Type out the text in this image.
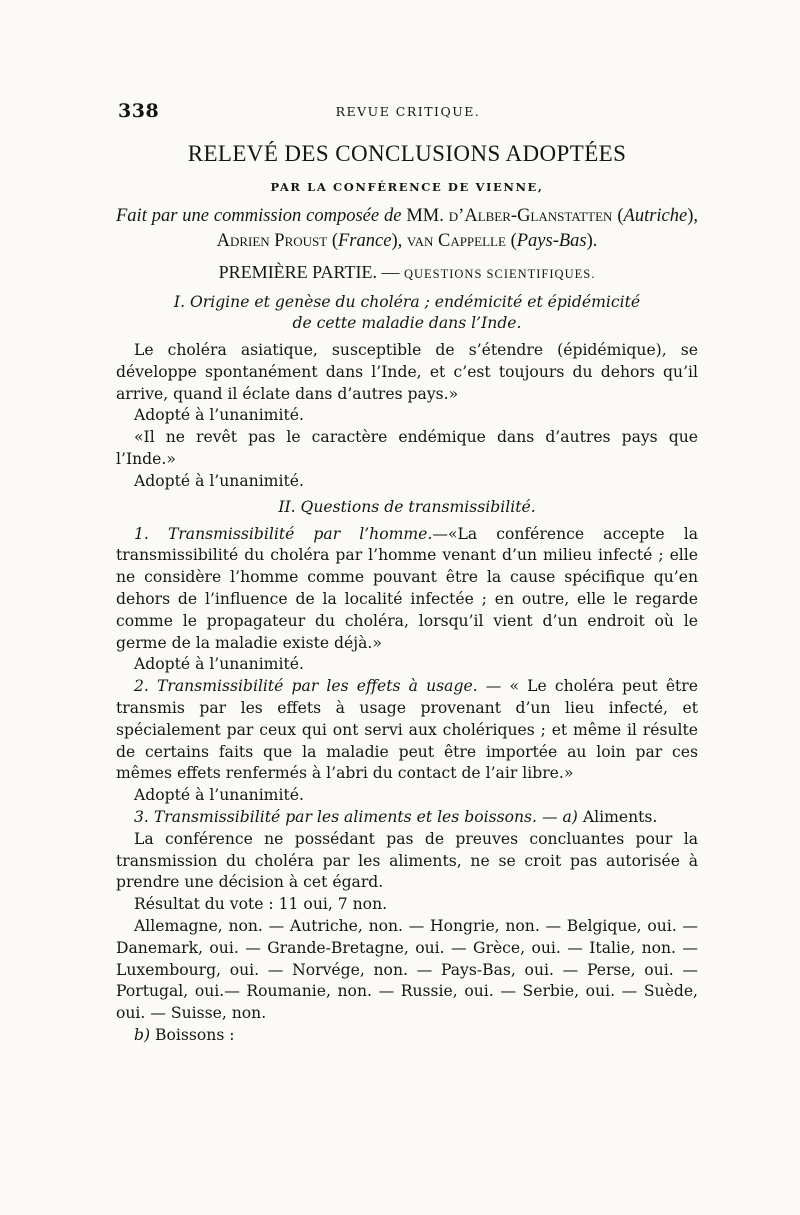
338	REVUE CRITIQUE.
RELEVÉ DES CONCLUSIONS ADOPTÉES
PAR LA CONFÉRENCE DE VIENNE,
Fait par une commission composée de MM. d’Alber-Glanstatten (Autriche), Adrien Proust (France), van Cappelle (Pays-Bas).
PREMIÈRE PARTIE. — QUESTIONS SCIENTIFIQUES.
I. Origine et genèse du choléra ; endémicité et épidémicité
de cette maladie dans l’Inde.

Le choléra asiatique, susceptible de s’étendre (épidémique), se développe spontanément dans l’Inde, et c’est toujours du dehors qu’il arrive, quand il éclate dans d’autres pays.»

Adopté à l’unanimité.

«Il ne revêt pas le caractère endémique dans d’autres pays que l’Inde.»

Adopté à l’unanimité.

II. Questions de transmissibilité.

1. Transmissibilité par l’homme.—«La conférence accepte la transmissibilité du choléra par l’homme venant d’un milieu infecté ; elle ne considère l’homme comme pouvant être la cause spécifique qu’en dehors de l’influence de la localité infectée ; en outre, elle le regarde comme le propagateur du choléra, lorsqu’il vient d’un endroit où le germe de la maladie existe déjà.»

Adopté à l’unanimité.

2. Transmissibilité par les effets à usage. — « Le choléra peut être transmis par les effets à usage provenant d’un lieu infecté, et spécialement par ceux qui ont servi aux cholériques ; et même il résulte de certains faits que la maladie peut être importée au loin par ces mêmes effets renfermés à l’abri du contact de l’air libre.»

Adopté à l’unanimité.

3. Transmissibilité par les aliments et les boissons. — a) Aliments.

La conférence ne possédant pas de preuves concluantes pour la transmission du choléra par les aliments, ne se croit pas autorisée à prendre une décision à cet égard.

Résultat du vote : 11 oui, 7 non.

Allemagne, non. — Autriche, non. — Hongrie, non. — Belgique, oui. — Danemark, oui. — Grande-Bretagne, oui. — Grèce, oui. — Italie, non. — Luxembourg, oui. — Norvége, non. — Pays-Bas, oui. — Perse, oui. — Portugal, oui.— Roumanie, non. — Russie, oui. — Serbie, oui. — Suède, oui. — Suisse, non.

b) Boissons :
